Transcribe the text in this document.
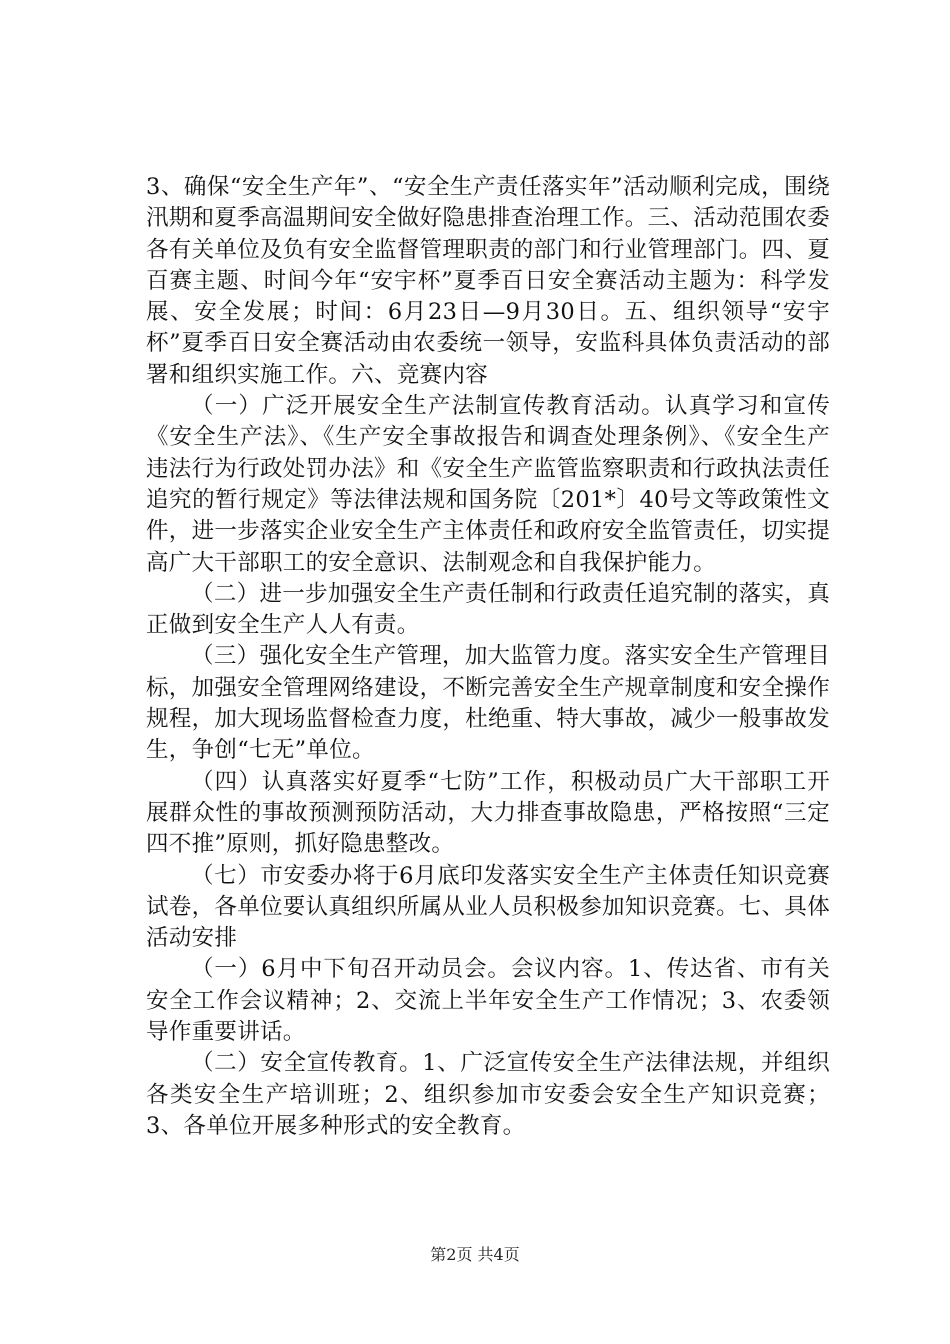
3、确保“安全生产年”、“安全生产责任落实年”活动顺利完成，围绕汛期和夏季高温期间安全做好隐患排查治理工作。三、活动范围农委各有关单位及负有安全监督管理职责的部门和行业管理部门。四、夏百赛主题、时间今年“安宇杯”夏季百日安全赛活动主题为：科学发展、安全发展；时间：6月23日—9月30日。五、组织领导“安宇杯”夏季百日安全赛活动由农委统一领导，安监科具体负责活动的部署和组织实施工作。六、竞赛内容

（一）广泛开展安全生产法制宣传教育活动。认真学习和宣传《安全生产法》、《生产安全事故报告和调查处理条例》、《安全生产违法行为行政处罚办法》和《安全生产监管监察职责和行政执法责任追究的暂行规定》等法律法规和国务院〔201*〕40号文等政策性文件，进一步落实企业安全生产主体责任和政府安全监管责任，切实提高广大干部职工的安全意识、法制观念和自我保护能力。

（二）进一步加强安全生产责任制和行政责任追究制的落实，真正做到安全生产人人有责。

（三）强化安全生产管理，加大监管力度。落实安全生产管理目标，加强安全管理网络建设，不断完善安全生产规章制度和安全操作规程，加大现场监督检查力度，杜绝重、特大事故，减少一般事故发生，争创“七无”单位。

（四）认真落实好夏季“七防”工作，积极动员广大干部职工开展群众性的事故预测预防活动，大力排查事故隐患，严格按照“三定四不推”原则，抓好隐患整改。

（七）市安委办将于6月底印发落实安全生产主体责任知识竞赛试卷，各单位要认真组织所属从业人员积极参加知识竞赛。七、具体活动安排

（一）6月中下旬召开动员会。会议内容。1、传达省、市有关安全工作会议精神；2、交流上半年安全生产工作情况；3、农委领导作重要讲话。

（二）安全宣传教育。1、广泛宣传安全生产法律法规，并组织各类安全生产培训班；2、组织参加市安委会安全生产知识竞赛；3、各单位开展多种形式的安全教育。

第2页 共4页
